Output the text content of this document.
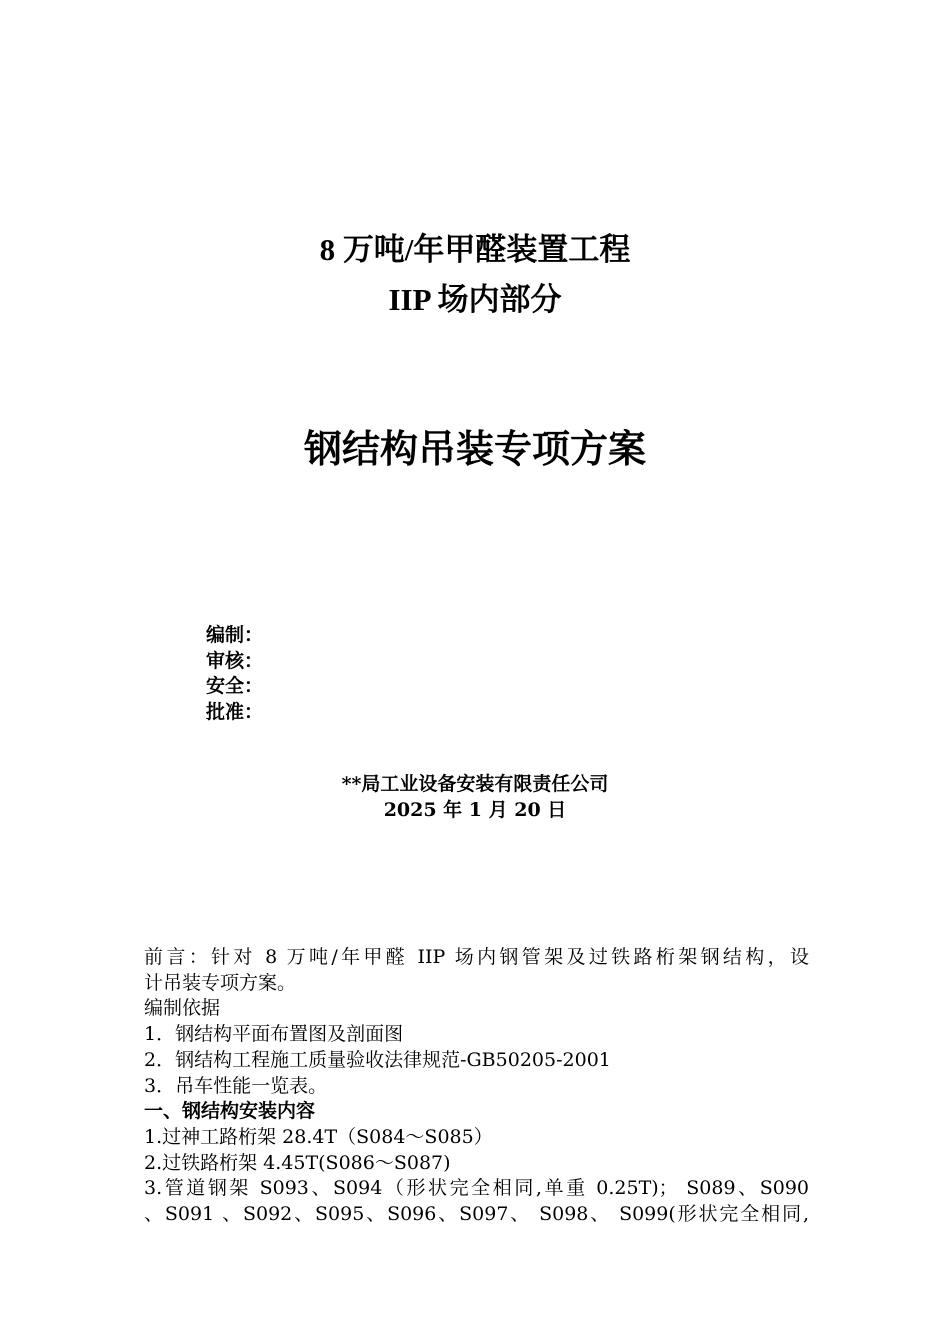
8 万吨/年甲醛装置工程
IIP 场内部分
钢结构吊装专项方案
编制：
审核：
安全：
批准：
**局工业设备安装有限责任公司
2025 年 1 月 20 日
前言：针对 8 万吨/年甲醛 IIP 场内钢管架及过铁路桁架钢结构，设
计吊装专项方案。
编制依据
1．钢结构平面布置图及剖面图
2．钢结构工程施工质量验收法律规范-GB50205-2001
3．吊车性能一览表。
一、钢结构安装内容
1.过神工路桁架 28.4T（S084～S085）
2.过铁路桁架 4.45T(S086～S087)
3.管道钢架 S093、S094（形状完全相同,单重 0.25T)； S089、S090
、S091 、S092、S095、S096、S097、 S098、 S099(形状完全相同,
